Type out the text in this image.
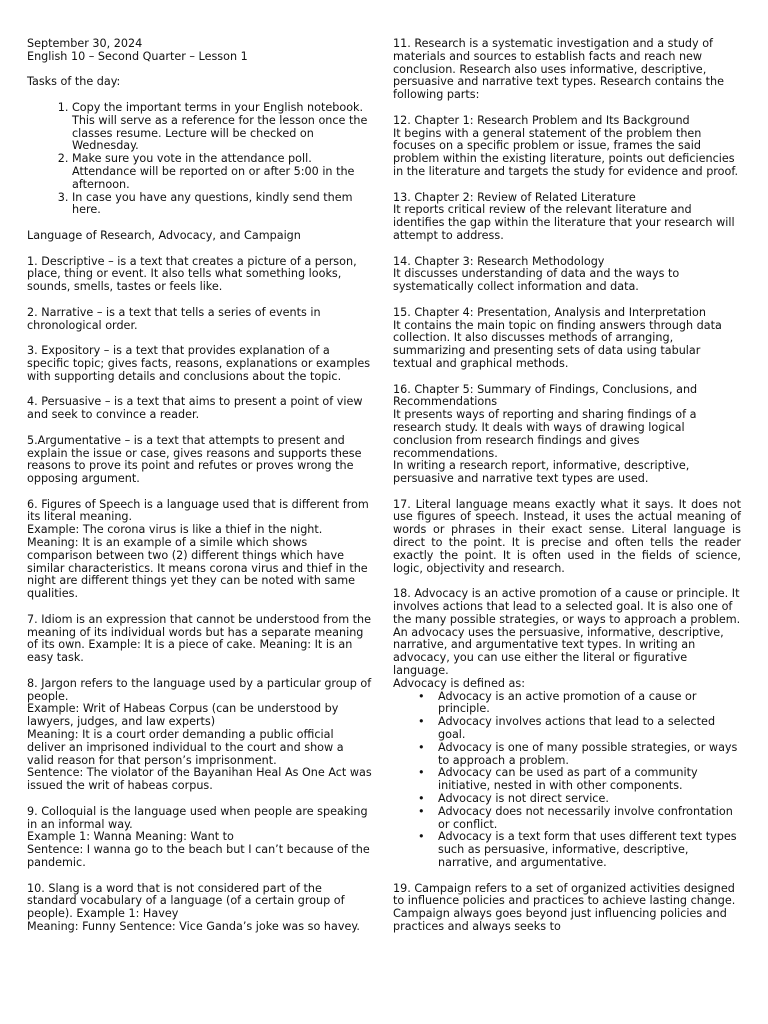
September 30, 2024

English 10 – Second Quarter – Lesson 1

Tasks of the day:

1. Copy the important terms in your English notebook. This will serve as a reference for the lesson once the classes resume. Lecture will be checked on Wednesday.
2. Make sure you vote in the attendance poll. Attendance will be reported on or after 5:00 in the afternoon.
3. In case you have any questions, kindly send them here.

Language of Research, Advocacy, and Campaign

1. Descriptive – is a text that creates a picture of a person, place, thing or event. It also tells what something looks, sounds, smells, tastes or feels like.

2. Narrative – is a text that tells a series of events in chronological order.

3. Expository – is a text that provides explanation of a specific topic; gives facts, reasons, explanations or examples with supporting details and conclusions about the topic.

4. Persuasive – is a text that aims to present a point of view and seek to convince a reader.

5.Argumentative – is a text that attempts to present and explain the issue or case, gives reasons and supports these reasons to prove its point and refutes or proves wrong the opposing argument.

6. Figures of Speech is a language used that is different from its literal meaning.

Example: The corona virus is like a thief in the night.

Meaning: It is an example of a simile which shows comparison between two (2) different things which have similar characteristics. It means corona virus and thief in the night are different things yet they can be noted with same qualities.

7. Idiom is an expression that cannot be understood from the meaning of its individual words but has a separate meaning of its own. Example: It is a piece of cake. Meaning: It is an easy task.

8. Jargon refers to the language used by a particular group of people.

Example: Writ of Habeas Corpus (can be understood by lawyers, judges, and law experts)

Meaning: It is a court order demanding a public official deliver an imprisoned individual to the court and show a valid reason for that person’s imprisonment.

Sentence: The violator of the Bayanihan Heal As One Act was issued the writ of habeas corpus.

9. Colloquial is the language used when people are speaking in an informal way.

Example 1: Wanna Meaning: Want to

Sentence: I wanna go to the beach but I can’t because of the pandemic.

10. Slang is a word that is not considered part of the standard vocabulary of a language (of a certain group of people). Example 1: Havey

Meaning: Funny Sentence: Vice Ganda’s joke was so havey.

11. Research is a systematic investigation and a study of materials and sources to establish facts and reach new conclusion. Research also uses informative, descriptive, persuasive and narrative text types. Research contains the following parts:

12. Chapter 1: Research Problem and Its Background

It begins with a general statement of the problem then focuses on a specific problem or issue, frames the said problem within the existing literature, points out deficiencies in the literature and targets the study for evidence and proof.

13. Chapter 2: Review of Related Literature

It reports critical review of the relevant literature and identifies the gap within the literature that your research will attempt to address.

14. Chapter 3: Research Methodology

It discusses understanding of data and the ways to systematically collect information and data.

15. Chapter 4: Presentation, Analysis and Interpretation

It contains the main topic on finding answers through data collection. It also discusses methods of arranging, summarizing and presenting sets of data using tabular textual and graphical methods.

16. Chapter 5: Summary of Findings, Conclusions, and Recommendations

It presents ways of reporting and sharing findings of a research study. It deals with ways of drawing logical conclusion from research findings and gives recommendations.

In writing a research report, informative, descriptive, persuasive and narrative text types are used.

17. Literal language means exactly what it says. It does not use figures of speech. Instead, it uses the actual meaning of words or phrases in their exact sense. Literal language is direct to the point. It is precise and often tells the reader exactly the point. It is often used in the fields of science, logic, objectivity and research.

18. Advocacy is an active promotion of a cause or principle. It involves actions that lead to a selected goal. It is also one of the many possible strategies, or ways to approach a problem. An advocacy uses the persuasive, informative, descriptive, narrative, and argumentative text types. In writing an advocacy, you can use either the literal or figurative language.

Advocacy is defined as:

• Advocacy is an active promotion of a cause or principle.
• Advocacy involves actions that lead to a selected goal.
• Advocacy is one of many possible strategies, or ways to approach a problem.
• Advocacy can be used as part of a community initiative, nested in with other components.
• Advocacy is not direct service.
• Advocacy does not necessarily involve confrontation or conflict.
• Advocacy is a text form that uses different text types such as persuasive, informative, descriptive, narrative, and argumentative.

19. Campaign refers to a set of organized activities designed to influence policies and practices to achieve lasting change. Campaign always goes beyond just influencing policies and practices and always seeks to
